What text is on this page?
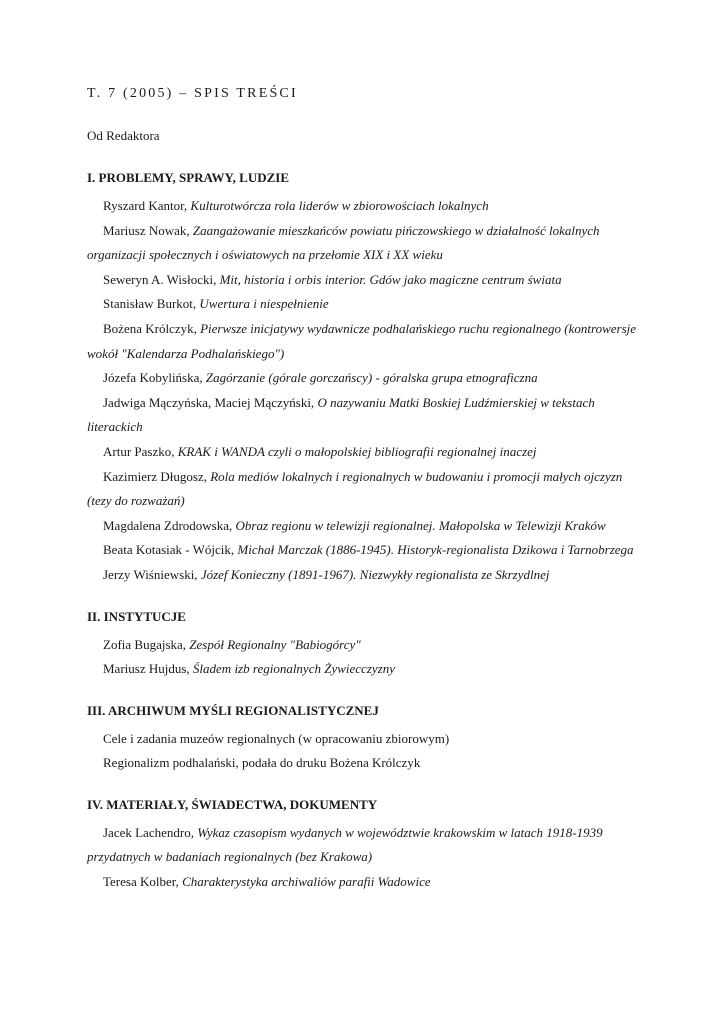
T. 7 (2005) – SPIS TREŚCI

Od Redaktora

I. PROBLEMY, SPRAWY, LUDZIE

Ryszard Kantor, Kulturotwórcza rola liderów w zbiorowościach lokalnych

Mariusz Nowak, Zaangażowanie mieszkańców powiatu pińczowskiego w działalność lokalnych organizacji społecznych i oświatowych na przełomie XIX i XX wieku

Seweryn A. Wisłocki, Mit, historia i orbis interior. Gdów jako magiczne centrum świata

Stanisław Burkot, Uwertura i niespełnienie

Bożena Królczyk, Pierwsze inicjatywy wydawnicze podhalańskiego ruchu regionalnego (kontrowersje wokół "Kalendarza Podhalańskiego")

Józefa Kobylińska, Zagórzanie (górale gorczańscy) - góralska grupa etnograficzna

Jadwiga Mączyńska, Maciej Mączyński, O nazywaniu Matki Boskiej Ludźmierskiej w tekstach literackich

Artur Paszko, KRAK i WANDA czyli o małopolskiej bibliografii regionalnej inaczej

Kazimierz Długosz, Rola mediów lokalnych i regionalnych w budowaniu i promocji małych ojczyzn (tezy do rozważań)

Magdalena Zdrodowska, Obraz regionu w telewizji regionalnej. Małopolska w Telewizji Kraków

Beata Kotasiak - Wójcik, Michał Marczak (1886-1945). Historyk-regionalista Dzikowa i Tarnobrzega

Jerzy Wiśniewski, Józef Konieczny (1891-1967). Niezwykły regionalista ze Skrzydlnej

II. INSTYTUCJE

Zofia Bugajska, Zespół Regionalny "Babiogórcy"

Mariusz Hujdus, Śladem izb regionalnych Żywiecczyzny

III. ARCHIWUM MYŚLI REGIONALISTYCZNEJ

Cele i zadania muzeów regionalnych (w opracowaniu zbiorowym)

Regionalizm podhalański, podała do druku Bożena Królczyk

IV. MATERIAŁY, ŚWIADECTWA, DOKUMENTY

Jacek Lachendro, Wykaz czasopism wydanych w województwie krakowskim w latach 1918-1939 przydatnych w badaniach regionalnych (bez Krakowa)

Teresa Kolber, Charakterystyka archiwaliów parafii Wadowice
